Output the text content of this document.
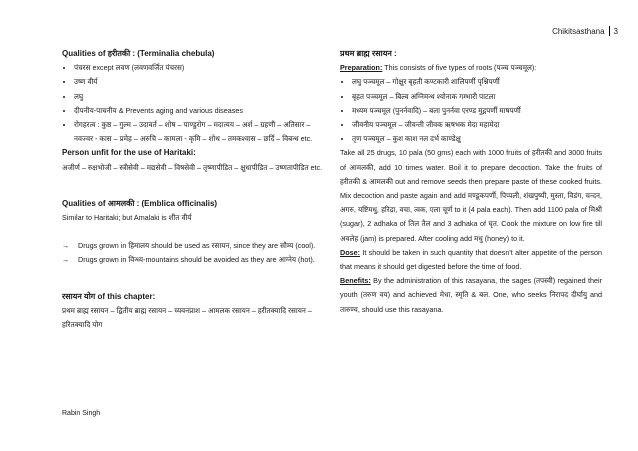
Chikitsasthana 3
Qualities of हरीतकी : (Terminalia chebula)
• पंचरस except लवण (लवणवर्जित पंचरस)
• उष्ण वीर्य
• लघु
• दीपनीय-पाचनीय & Prevents aging and various diseases
• रोगहरत्व : कुष्ठ – गुल्म – उदावर्त – शोष – पाण्डुरोग – मदात्यय – अर्श – ग्रहणी – अतिसार – नवज्वर - कास – प्रमेह – अरुचि – कामला - कृमि – शोथ – तमकश्वास – छर्दि – विबन्ध etc.
Person unfit for the use of Haritaki:
अजीर्ण – रुक्षभोजी – स्त्रीसेवी – मद्यसेवी – विषसेवी – तृष्णापीडित – क्षुधापीडित – उष्णतापीडित etc.
Qualities of आमलकी : (Emblica officinalis)
Similar to Haritaki; but Amalaki is शीत वीर्य
→	Drugs grown in हिमालय should be used as रसायन, since they are सौम्य (cool).
→	Drugs grown in विन्ध्य-mountains should be avoided as they are आग्नेय (hot).
रसायन योग of this chapter:
प्रथम ब्राह्म रसायन – द्वितीय ब्राह्म रसायन – च्यवनप्राश – आमलक रसायन – हरीतक्यादि रसायन – हरितक्यादि योग
प्रथम ब्राह्म रसायन :
Preparation: This consists of five types of roots (पञ्च पञ्चमूल):
• लघु पञ्चमूल – गोक्षुर बृहती कण्टकारी शालिपर्णी पृश्निपर्णी
• बृहत पञ्चमूल – बिल्व अग्निमन्थ श्योनाक गम्भारी पाटला
• मध्यम पञ्चमूल (पुनर्नवादि) – बला पुनर्नवा एरण्ड मुद्गपर्णी माषपर्णी
• जीवनीय पञ्चमूल – जीवन्ती जीवक ऋषभक मेदा महामेदा
• तृण पञ्चमूल – कुश काश नल दर्भ काण्डेक्षु
Take all 25 drugs, 10 pala (50 gms) each with 1000 fruits of हरीतकी and 3000 fruits of आमलकी, add 10 times water. Boil it to prepare decoction. Take the fruits of हरीतकी & आमलकी out and remove seeds then prepare paste of these cooked fruits. Mix decoction and paste again and add मण्डूकपर्णी, पिप्पली, शंखपुष्पी, मुस्ता, विडंग, चन्दन, अगरु, यष्टिमधु, हरिद्रा, वचा, त्वक, एला चूर्ण to it (4 pala each). Then add 1100 pala of मिश्री (sugar), 2 adhaka of तिल तैल and 3 adhaka of घृत. Cook the mixture on low fire till अवलेह (jam) is prepared. After cooling add मधु (honey) to it.
Dose: It should be taken in such quantity that doesn't alter appetite of the person that means it should get digested before the time of food.
Benefits: By the administration of this rasayana, the sages (तपस्वी) regained their youth (तरुण वय) and achieved मेधा, स्मृति & बल. One, who seeks निरापद दीर्घायु and तारुण्य, should use this rasayana.
Rabin Singh
